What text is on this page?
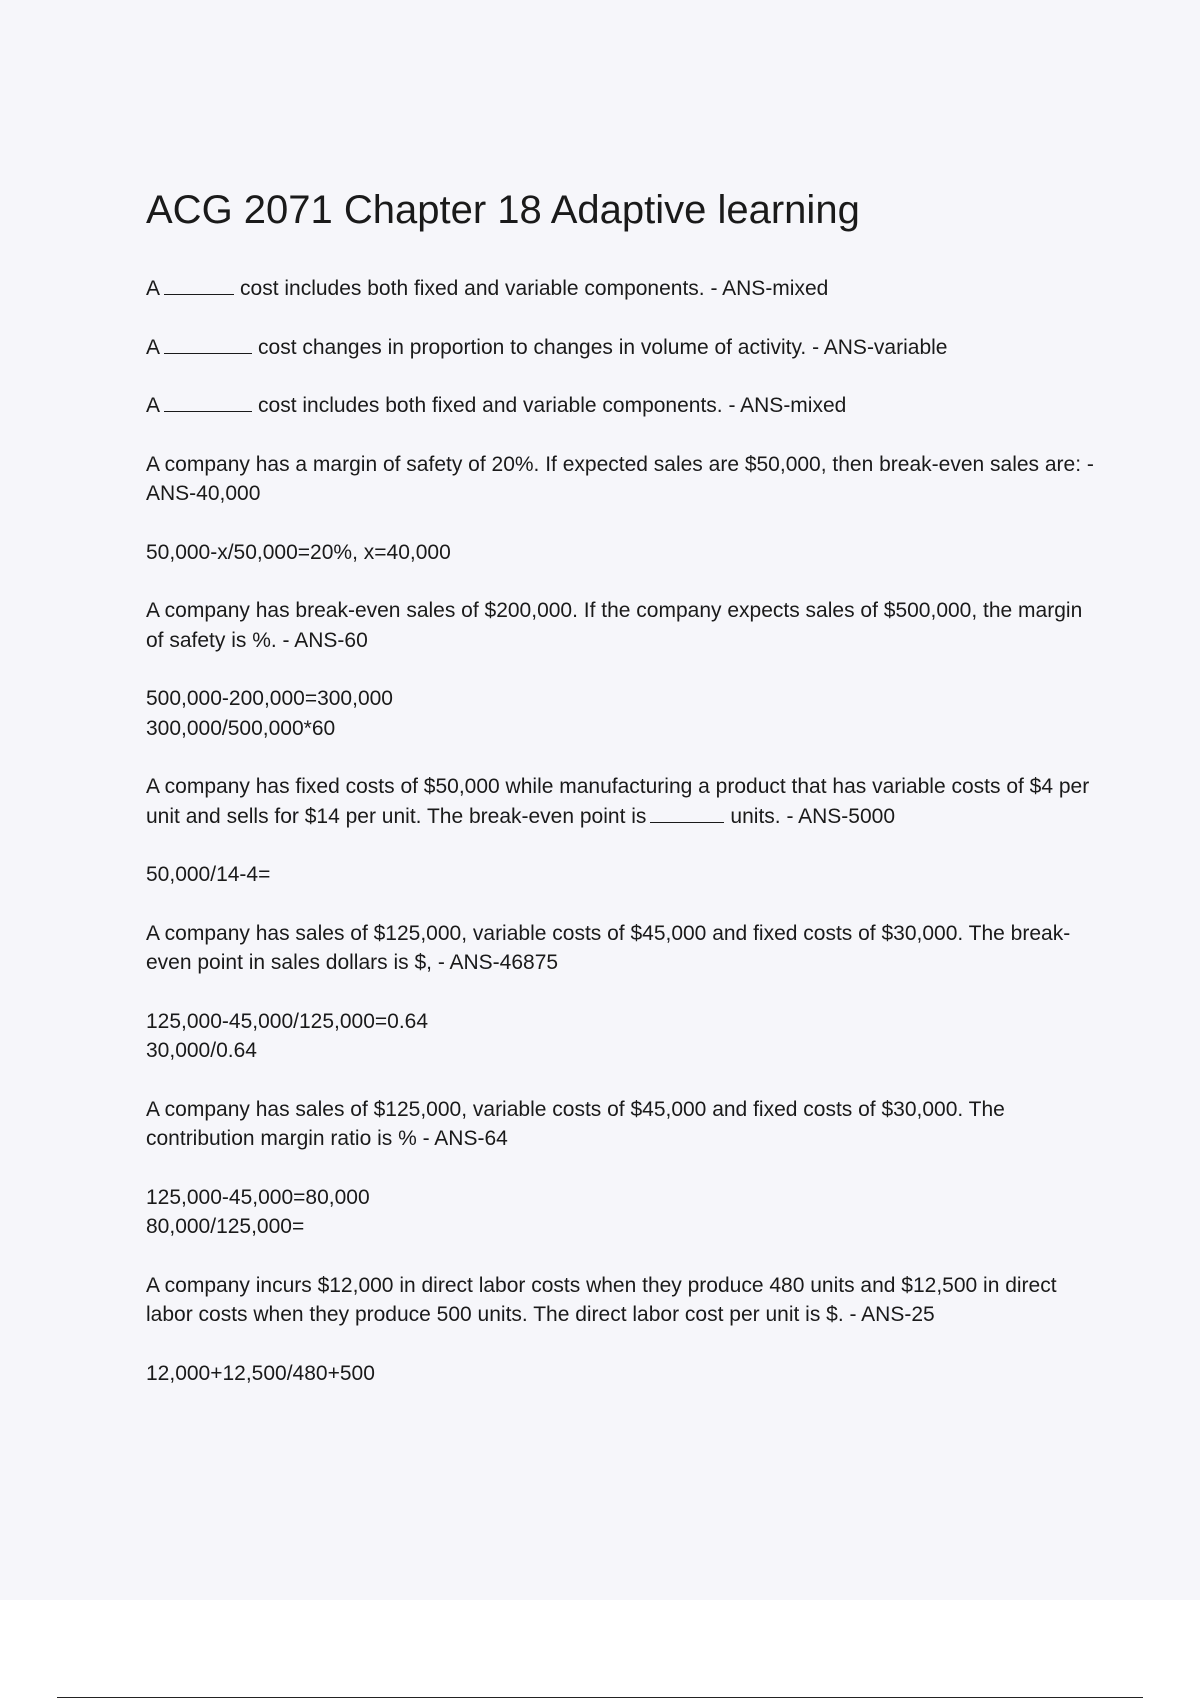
ACG 2071 Chapter 18 Adaptive learning

A	cost includes both fixed and variable components. - ANS-mixed

A	cost changes in proportion to changes in volume of activity. - ANS-variable

A	cost includes both fixed and variable components. - ANS-mixed

A company has a margin of safety of 20%. If expected sales are $50,000, then break-even sales are: - ANS-40,000

50,000-x/50,000=20%, x=40,000

A company has break-even sales of $200,000. If the company expects sales of $500,000, the margin of safety is %. - ANS-60

500,000-200,000=300,000
300,000/500,000*60

A company has fixed costs of $50,000 while manufacturing a product that has variable costs of $4 per unit and sells for $14 per unit. The break-even point is	units. - ANS-5000

50,000/14-4=

A company has sales of $125,000, variable costs of $45,000 and fixed costs of $30,000. The break-even point in sales dollars is $, - ANS-46875

125,000-45,000/125,000=0.64
30,000/0.64

A company has sales of $125,000, variable costs of $45,000 and fixed costs of $30,000. The contribution margin ratio is % - ANS-64

125,000-45,000=80,000
80,000/125,000=

A company incurs $12,000 in direct labor costs when they produce 480 units and $12,500 in direct labor costs when they produce 500 units. The direct labor cost per unit is $. - ANS-25

12,000+12,500/480+500
